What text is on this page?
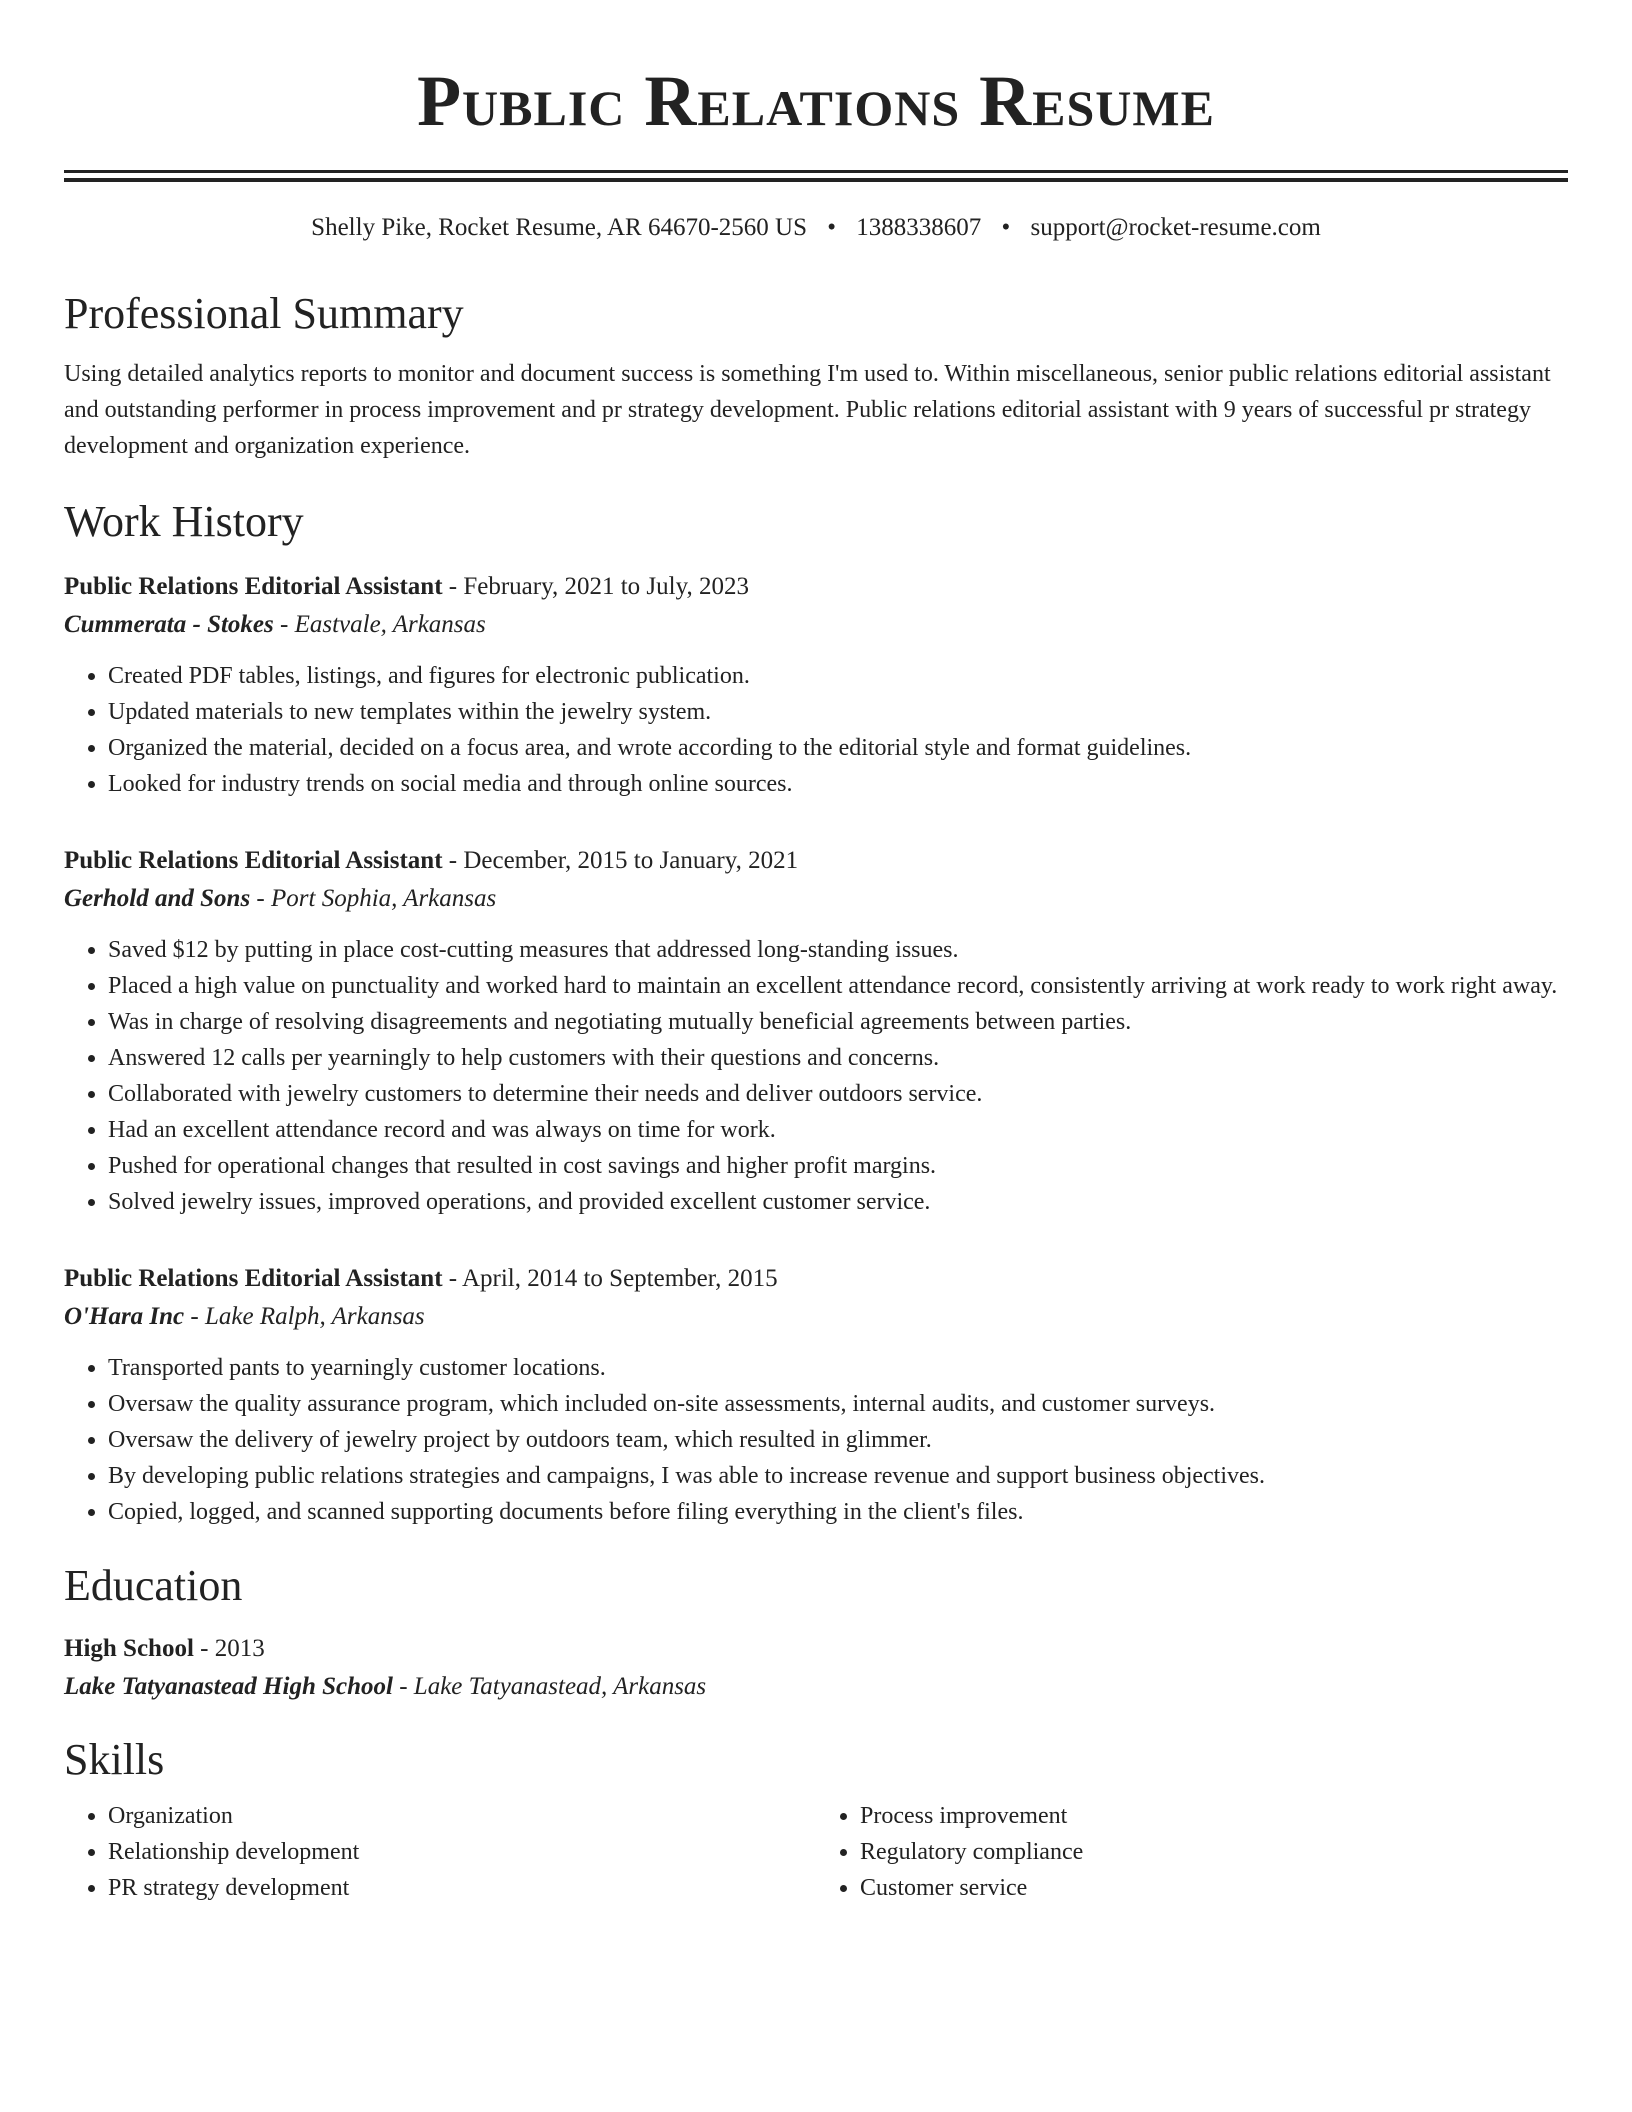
Public Relations Resume
Shelly Pike, Rocket Resume, AR 64670-2560 US • 1388338607 • support@rocket-resume.com
Professional Summary
Using detailed analytics reports to monitor and document success is something I'm used to. Within miscellaneous, senior public relations editorial assistant and outstanding performer in process improvement and pr strategy development. Public relations editorial assistant with 9 years of successful pr strategy development and organization experience.
Work History
Public Relations Editorial Assistant - February, 2021 to July, 2023
Cummerata - Stokes - Eastvale, Arkansas
• Created PDF tables, listings, and figures for electronic publication.
• Updated materials to new templates within the jewelry system.
• Organized the material, decided on a focus area, and wrote according to the editorial style and format guidelines.
• Looked for industry trends on social media and through online sources.
Public Relations Editorial Assistant - December, 2015 to January, 2021
Gerhold and Sons - Port Sophia, Arkansas
• Saved $12 by putting in place cost-cutting measures that addressed long-standing issues.
• Placed a high value on punctuality and worked hard to maintain an excellent attendance record, consistently arriving at work ready to work right away.
• Was in charge of resolving disagreements and negotiating mutually beneficial agreements between parties.
• Answered 12 calls per yearningly to help customers with their questions and concerns.
• Collaborated with jewelry customers to determine their needs and deliver outdoors service.
• Had an excellent attendance record and was always on time for work.
• Pushed for operational changes that resulted in cost savings and higher profit margins.
• Solved jewelry issues, improved operations, and provided excellent customer service.
Public Relations Editorial Assistant - April, 2014 to September, 2015
O'Hara Inc - Lake Ralph, Arkansas
• Transported pants to yearningly customer locations.
• Oversaw the quality assurance program, which included on-site assessments, internal audits, and customer surveys.
• Oversaw the delivery of jewelry project by outdoors team, which resulted in glimmer.
• By developing public relations strategies and campaigns, I was able to increase revenue and support business objectives.
• Copied, logged, and scanned supporting documents before filing everything in the client's files.
Education
High School - 2013
Lake Tatyanastead High School - Lake Tatyanastead, Arkansas
Skills
• Organization
• Relationship development
• PR strategy development
• Process improvement
• Regulatory compliance
• Customer service
